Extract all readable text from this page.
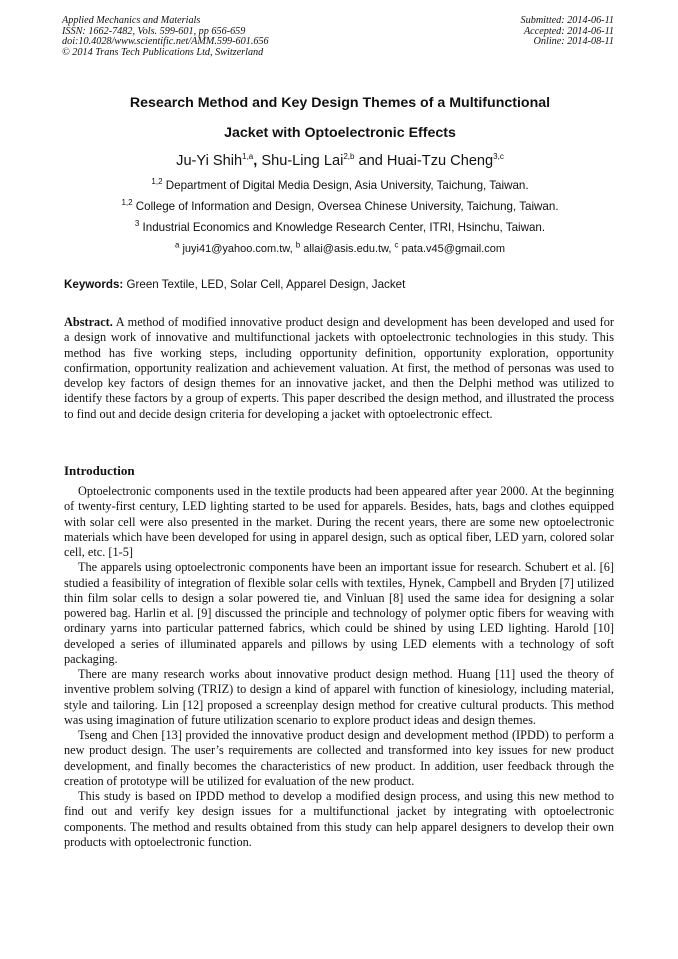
Applied Mechanics and Materials
ISSN: 1662-7482, Vols. 599-601, pp 656-659
doi:10.4028/www.scientific.net/AMM.599-601.656
© 2014 Trans Tech Publications Ltd, Switzerland
Submitted: 2014-06-11
Accepted: 2014-06-11
Online: 2014-08-11
Research Method and Key Design Themes of a Multifunctional
Jacket with Optoelectronic Effects
Ju-Yi Shih$^{1,a}$, Shu-Ling Lai$^{2,b}$ and Huai-Tzu Cheng$^{3,c}$
$^{1,2}$ Department of Digital Media Design, Asia University, Taichung, Taiwan.
$^{1,2}$ College of Information and Design, Oversea Chinese University, Taichung, Taiwan.
$^3$ Industrial Economics and Knowledge Research Center, ITRI, Hsinchu, Taiwan.
$^a$ juyi41@yahoo.com.tw, $^b$ allai@asis.edu.tw, $^c$ pata.v45@gmail.com
Keywords: Green Textile, LED, Solar Cell, Apparel Design, Jacket
Abstract. A method of modified innovative product design and development has been developed and used for a design work of innovative and multifunctional jackets with optoelectronic technologies in this study. This method has five working steps, including opportunity definition, opportunity exploration, opportunity confirmation, opportunity realization and achievement valuation. At first, the method of personas was used to develop key factors of design themes for an innovative jacket, and then the Delphi method was utilized to identify these factors by a group of experts. This paper described the design method, and illustrated the process to find out and decide design criteria for developing a jacket with optoelectronic effect.
Introduction

Optoelectronic components used in the textile products had been appeared after year 2000. At the beginning of twenty-first century, LED lighting started to be used for apparels. Besides, hats, bags and clothes equipped with solar cell were also presented in the market. During the recent years, there are some new optoelectronic materials which have been developed for using in apparel design, such as optical fiber, LED yarn, colored solar cell, etc. [1-5]

The apparels using optoelectronic components have been an important issue for research. Schubert et al. [6] studied a feasibility of integration of flexible solar cells with textiles, Hynek, Campbell and Bryden [7] utilized thin film solar cells to design a solar powered tie, and Vinluan [8] used the same idea for designing a solar powered bag. Harlin et al. [9] discussed the principle and technology of polymer optic fibers for weaving with ordinary yarns into particular patterned fabrics, which could be shined by using LED lighting. Harold [10] developed a series of illuminated apparels and pillows by using LED elements with a technology of soft packaging.

There are many research works about innovative product design method. Huang [11] used the theory of inventive problem solving (TRIZ) to design a kind of apparel with function of kinesiology, including material, style and tailoring. Lin [12] proposed a screenplay design method for creative cultural products. This method was using imagination of future utilization scenario to explore product ideas and design themes.

Tseng and Chen [13] provided the innovative product design and development method (IPDD) to perform a new product design. The user’s requirements are collected and transformed into key issues for new product development, and finally becomes the characteristics of new product. In addition, user feedback through the creation of prototype will be utilized for evaluation of the new product.

This study is based on IPDD method to develop a modified design process, and using this new method to find out and verify key design issues for a multifunctional jacket by integrating with optoelectronic components. The method and results obtained from this study can help apparel designers to develop their own products with optoelectronic function.
